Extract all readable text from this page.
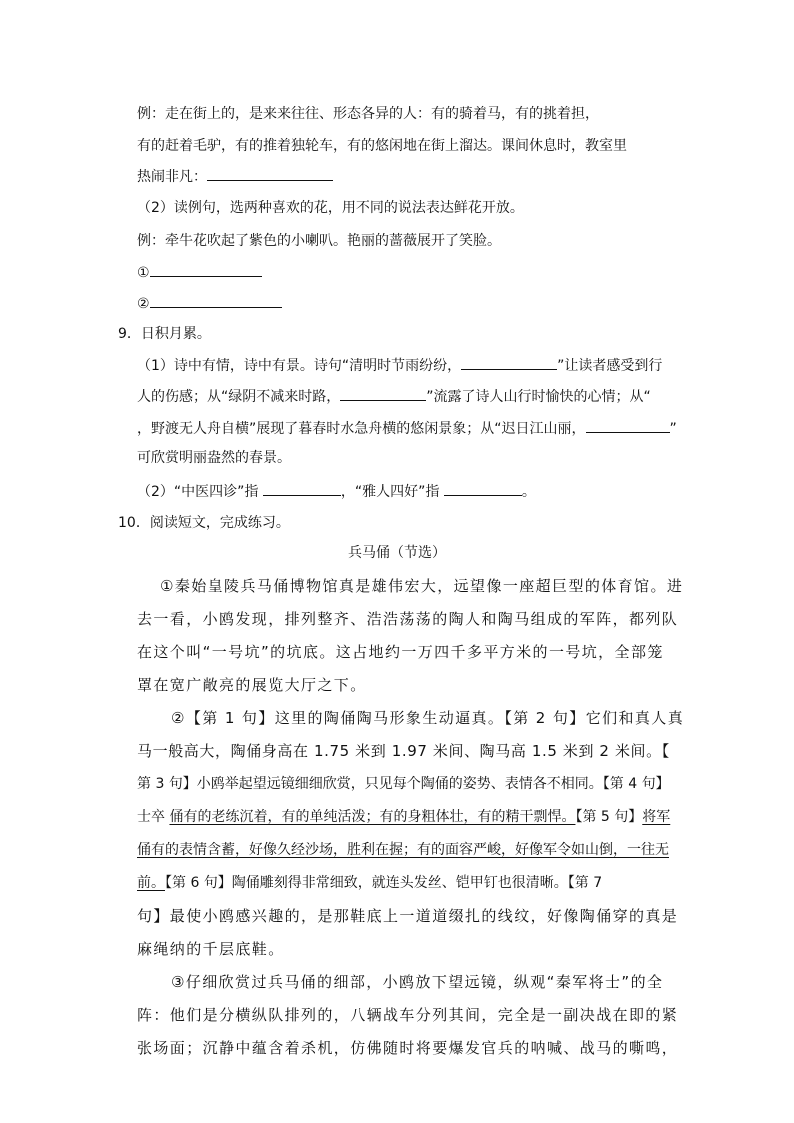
例：走在街上的，是来来往往、形态各异的人：有的骑着马，有的挑着担，
有的赶着毛驴，有的推着独轮车，有的悠闲地在街上溜达。课间休息时，教室里
热闹非凡：
（2）读例句，选两种喜欢的花，用不同的说法表达鲜花开放。
例：牵牛花吹起了紫色的小喇叭。艳丽的蔷薇展开了笑脸。
①
②
9．日积月累。
（1）诗中有情，诗中有景。诗句“清明时节雨纷纷，	”让读者感受到行
人的伤感；从“绿阴不减来时路，	”流露了诗人山行时愉快的心情；从“
，野渡无人舟自横”展现了暮春时水急舟横的悠闲景象；从“迟日江山丽，	”
可欣赏明丽盎然的春景。
（2）“中医四诊”指	，“雅人四好”指	。
10．阅读短文，完成练习。
兵马俑（节选）
①秦始皇陵兵马俑博物馆真是雄伟宏大，远望像一座超巨型的体育馆。进
去一看，小鸥发现，排列整齐、浩浩荡荡的陶人和陶马组成的军阵，都列队
在这个叫“一号坑”的坑底。这占地约一万四千多平方米的一号坑，全部笼
罩在宽广敞亮的展览大厅之下。
②【第 1 句】这里的陶俑陶马形象生动逼真。【第 2 句】它们和真人真
马一般高大，陶俑身高在 1.75 米到 1.97 米间、陶马高 1.5 米到 2 米间。【
第 3 句】小鸥举起望远镜细细欣赏，只见每个陶俑的姿势、表情各不相同。【第 4 句】
士卒 俑有的老练沉着，有的单纯活泼；有的身粗体壮，有的精干剽悍。【第 5 句】将军
俑有的表情含蓄，好像久经沙场，胜利在握；有的面容严峻，好像军令如山倒，一往无
前。【第 6 句】陶俑雕刻得非常细致，就连头发丝、铠甲钉也很清晰。【第 7
句】最使小鸥感兴趣的，是那鞋底上一道道缀扎的线纹，好像陶俑穿的真是
麻绳纳的千层底鞋。
③仔细欣赏过兵马俑的细部，小鸥放下望远镜，纵观“秦军将士”的全
阵：他们是分横纵队排列的，八辆战车分列其间，完全是一副决战在即的紧
张场面；沉静中蕴含着杀机，仿佛随时将要爆发官兵的呐喊、战马的嘶鸣，
